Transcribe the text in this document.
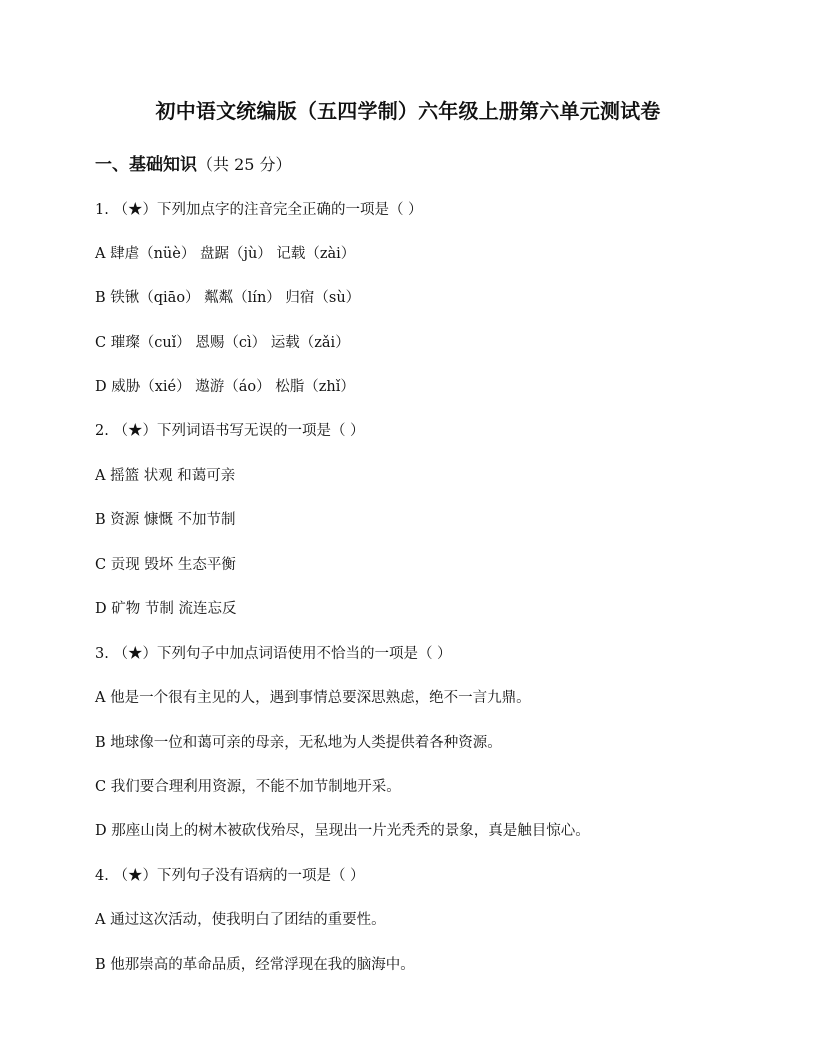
初中语文统编版（五四学制）六年级上册第六单元测试卷
一、基础知识（共 25 分）
1. （★）下列加点字的注音完全正确的一项是（ ）
A 肆虐（nüè） 盘踞（jù） 记载（zài）
B 铁锹（qiāo） 粼粼（lín） 归宿（sù）
C 璀璨（cuǐ） 恩赐（cì） 运载（zǎi）
D 威胁（xié） 遨游（áo） 松脂（zhǐ）
2. （★）下列词语书写无误的一项是（ ）
A 摇篮 状观 和蔼可亲
B 资源 慷慨 不加节制
C 贡现 毁坏 生态平衡
D 矿物 节制 流连忘反
3. （★）下列句子中加点词语使用不恰当的一项是（ ）
A 他是一个很有主见的人，遇到事情总要深思熟虑，绝不一言九鼎。
B 地球像一位和蔼可亲的母亲，无私地为人类提供着各种资源。
C 我们要合理利用资源，不能不加节制地开采。
D 那座山岗上的树木被砍伐殆尽，呈现出一片光秃秃的景象，真是触目惊心。
4. （★）下列句子没有语病的一项是（ ）
A 通过这次活动，使我明白了团结的重要性。
B 他那崇高的革命品质，经常浮现在我的脑海中。
